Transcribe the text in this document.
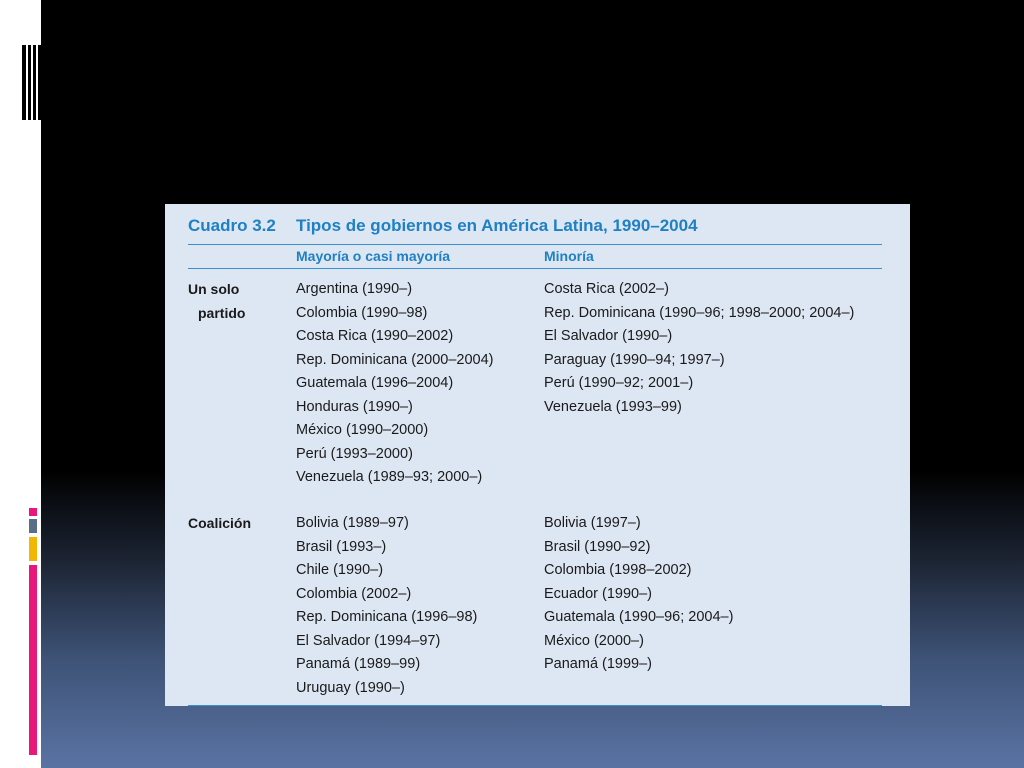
Cuadro 3.2 Tipos de gobiernos en América Latina, 1990–2004
Mayoría o casi mayoría	Minoría
Un solo
partido
Argentina (1990–)
Colombia (1990–98)
Costa Rica (1990–2002)
Rep. Dominicana (2000–2004)
Guatemala (1996–2004)
Honduras (1990–)
México (1990–2000)
Perú (1993–2000)
Venezuela (1989–93; 2000–)
Costa Rica (2002–)
Rep. Dominicana (1990–96; 1998–2000; 2004–)
El Salvador (1990–)
Paraguay (1990–94; 1997–)
Perú (1990–92; 2001–)
Venezuela (1993–99)
Coalición	Bolivia (1989–97)
Brasil (1993–)
Chile (1990–)
Colombia (2002–)
Rep. Dominicana (1996–98)
El Salvador (1994–97)
Panamá (1989–99)
Uruguay (1990–)
Bolivia (1997–)
Brasil (1990–92)
Colombia (1998–2002)
Ecuador (1990–)
Guatemala (1990–96; 2004–)
México (2000–)
Panamá (1999–)
